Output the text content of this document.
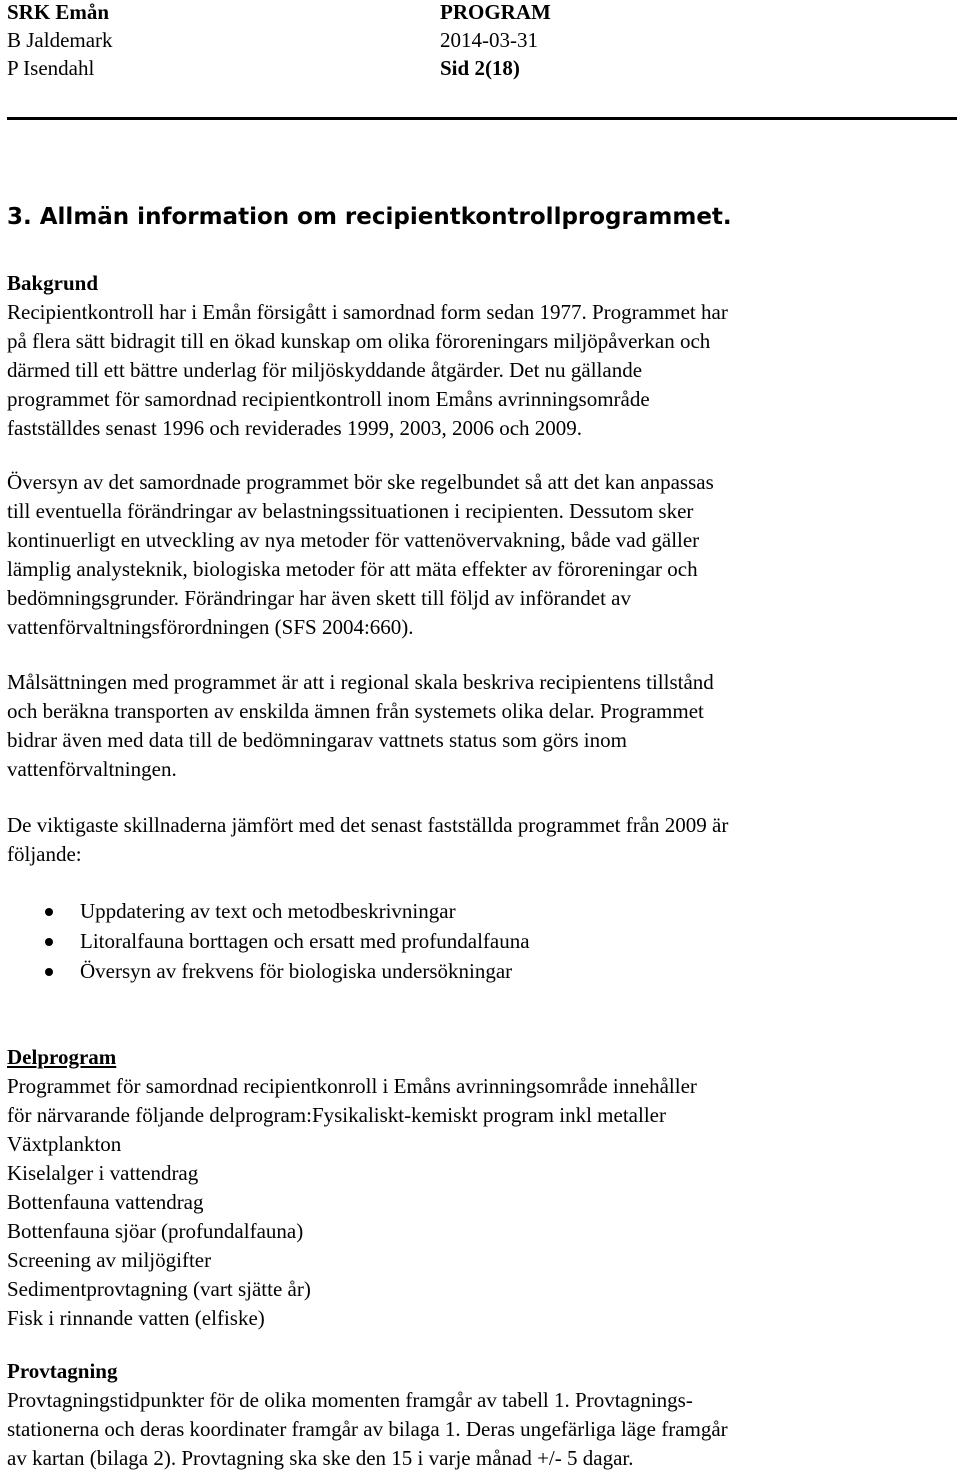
SRK Emån	PROGRAM
B Jaldemark	2014-03-31
P Isendahl	Sid 2(18)
3. Allmän information om recipientkontrollprogrammet.
Bakgrund
Recipientkontroll har i Emån försigått i samordnad form sedan 1977. Programmet har
på flera sätt bidragit till en ökad kunskap om olika föroreningars miljöpåverkan och
därmed till ett bättre underlag för miljöskyddande åtgärder. Det nu gällande
programmet för samordnad recipientkontroll inom Emåns avrinningsområde
fastställdes senast 1996 och reviderades 1999, 2003, 2006 och 2009.
Översyn av det samordnade programmet bör ske regelbundet så att det kan anpassas
till eventuella förändringar av belastningssituationen i recipienten. Dessutom sker
kontinuerligt en utveckling av nya metoder för vattenövervakning, både vad gäller
lämplig analysteknik, biologiska metoder för att mäta effekter av föroreningar och
bedömningsgrunder. Förändringar har även skett till följd av införandet av
vattenförvaltningsförordningen (SFS 2004:660).
Målsättningen med programmet är att i regional skala beskriva recipientens tillstånd
och beräkna transporten av enskilda ämnen från systemets olika delar. Programmet
bidrar även med data till de bedömningarav vattnets status som görs inom
vattenförvaltningen.
De viktigaste skillnaderna jämfört med det senast fastställda programmet från 2009 är
följande:
Uppdatering av text och metodbeskrivningar
Litoralfauna borttagen och ersatt med profundalfauna
Översyn av frekvens för biologiska undersökningar
Delprogram
Programmet för samordnad recipientkonroll i Emåns avrinningsområde innehåller
för närvarande följande delprogram:Fysikaliskt-kemiskt program inkl metaller
Växtplankton
Kiselalger i vattendrag
Bottenfauna vattendrag
Bottenfauna sjöar (profundalfauna)
Screening av miljögifter
Sedimentprovtagning (vart sjätte år)
Fisk i rinnande vatten (elfiske)
Provtagning
Provtagningstidpunkter för de olika momenten framgår av tabell 1. Provtagnings-
stationerna och deras koordinater framgår av bilaga 1. Deras ungefärliga läge framgår
av kartan (bilaga 2). Provtagning ska ske den 15 i varje månad +/- 5 dagar.
